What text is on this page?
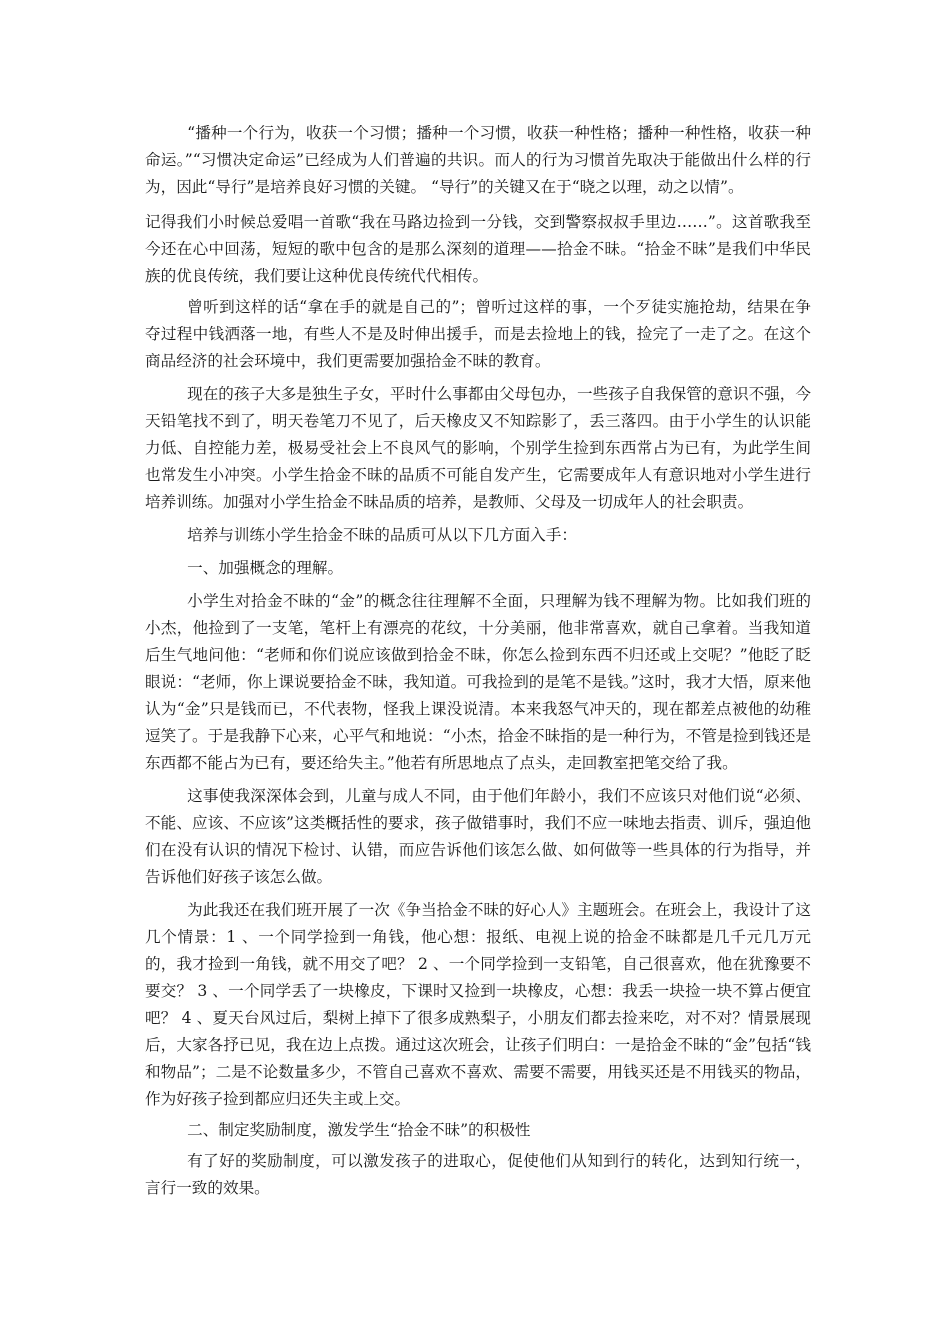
“播种一个行为，收获一个习惯；播种一个习惯，收获一种性格；播种一种性格，收获一种命运。”“习惯决定命运”已经成为人们普遍的共识。而人的行为习惯首先取决于能做出什么样的行为，因此“导行”是培养良好习惯的关键。 “导行”的关键又在于“晓之以理，动之以情”。

记得我们小时候总爱唱一首歌“我在马路边捡到一分钱，交到警察叔叔手里边……”。这首歌我至今还在心中回荡，短短的歌中包含的是那么深刻的道理——拾金不昧。“拾金不昧”是我们中华民族的优良传统，我们要让这种优良传统代代相传。

曾听到这样的话“拿在手的就是自己的”；曾听过这样的事，一个歹徒实施抢劫，结果在争夺过程中钱洒落一地，有些人不是及时伸出援手，而是去捡地上的钱，捡完了一走了之。在这个商品经济的社会环境中，我们更需要加强拾金不昧的教育。

现在的孩子大多是独生子女，平时什么事都由父母包办，一些孩子自我保管的意识不强，今天铅笔找不到了，明天卷笔刀不见了，后天橡皮又不知踪影了，丢三落四。由于小学生的认识能力低、自控能力差，极易受社会上不良风气的影响，个别学生捡到东西常占为已有，为此学生间也常发生小冲突。小学生拾金不昧的品质不可能自发产生，它需要成年人有意识地对小学生进行培养训练。加强对小学生拾金不昧品质的培养，是教师、父母及一切成年人的社会职责。

培养与训练小学生拾金不昧的品质可从以下几方面入手：

一、加强概念的理解。

小学生对拾金不昧的“金”的概念往往理解不全面，只理解为钱不理解为物。比如我们班的小杰，他捡到了一支笔，笔杆上有漂亮的花纹，十分美丽，他非常喜欢，就自己拿着。当我知道后生气地问他：“老师和你们说应该做到拾金不昧，你怎么捡到东西不归还或上交呢？”他眨了眨眼说：“老师，你上课说要拾金不昧，我知道。可我捡到的是笔不是钱。”这时，我才大悟，原来他认为“金”只是钱而已，不代表物，怪我上课没说清。本来我怒气冲天的，现在都差点被他的幼稚逗笑了。于是我静下心来，心平气和地说：“小杰，拾金不昧指的是一种行为，不管是捡到钱还是东西都不能占为已有，要还给失主。”他若有所思地点了点头，走回教室把笔交给了我。

这事使我深深体会到，儿童与成人不同，由于他们年龄小，我们不应该只对他们说“必须、不能、应该、不应该”这类概括性的要求，孩子做错事时，我们不应一味地去指责、训斥，强迫他们在没有认识的情况下检讨、认错，而应告诉他们该怎么做、如何做等一些具体的行为指导，并告诉他们好孩子该怎么做。

为此我还在我们班开展了一次《争当拾金不昧的好心人》主题班会。在班会上，我设计了这几个情景：1 、一个同学捡到一角钱，他心想：报纸、电视上说的拾金不昧都是几千元几万元的，我才捡到一角钱，就不用交了吧？ 2 、一个同学捡到一支铅笔，自己很喜欢，他在犹豫要不要交？ 3 、一个同学丢了一块橡皮，下课时又捡到一块橡皮，心想：我丢一块捡一块不算占便宜吧？ 4 、夏天台风过后，梨树上掉下了很多成熟梨子，小朋友们都去捡来吃，对不对？情景展现后，大家各抒已见，我在边上点拨。通过这次班会，让孩子们明白：一是拾金不昧的“金”包括“钱和物品”；二是不论数量多少，不管自己喜欢不喜欢、需要不需要，用钱买还是不用钱买的物品，作为好孩子捡到都应归还失主或上交。

二、制定奖励制度，激发学生“拾金不昧”的积极性

有了好的奖励制度，可以激发孩子的进取心，促使他们从知到行的转化，达到知行统一， 言行一致的效果。
